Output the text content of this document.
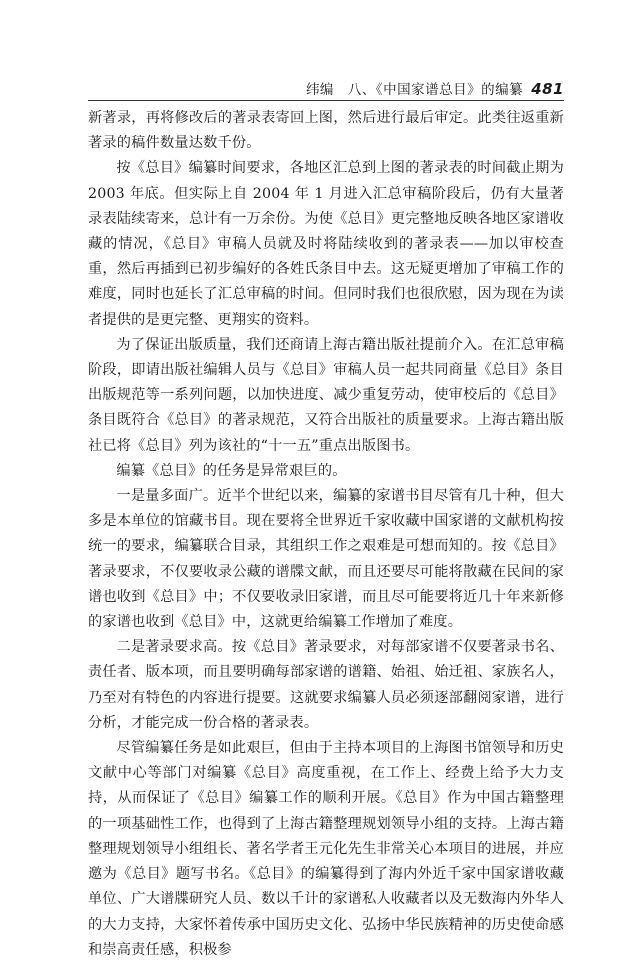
纬编　八、《中国家谱总目》的编纂 481

新著录，再将修改后的著录表寄回上图，然后进行最后审定。此类往返重新著录的稿件数量达数千份。

按《总目》编纂时间要求，各地区汇总到上图的著录表的时间截止期为 2003 年底。但实际上自 2004 年 1 月进入汇总审稿阶段后，仍有大量著录表陆续寄来，总计有一万余份。为使《总目》更完整地反映各地区家谱收藏的情况，《总目》审稿人员就及时将陆续收到的著录表——加以审校查重，然后再插到已初步编好的各姓氏条目中去。这无疑更增加了审稿工作的难度，同时也延长了汇总审稿的时间。但同时我们也很欣慰，因为现在为读者提供的是更完整、更翔实的资料。

为了保证出版质量，我们还商请上海古籍出版社提前介入。在汇总审稿阶段，即请出版社编辑人员与《总目》审稿人员一起共同商量《总目》条目出版规范等一系列问题，以加快进度、减少重复劳动，使审校后的《总目》条目既符合《总目》的著录规范，又符合出版社的质量要求。上海古籍出版社已将《总目》列为该社的“十一五”重点出版图书。

编纂《总目》的任务是异常艰巨的。

一是量多面广。近半个世纪以来，编纂的家谱书目尽管有几十种，但大多是本单位的馆藏书目。现在要将全世界近千家收藏中国家谱的文献机构按统一的要求，编纂联合目录，其组织工作之艰难是可想而知的。按《总目》著录要求，不仅要收录公藏的谱牒文献，而且还要尽可能将散藏在民间的家谱也收到《总目》中；不仅要收录旧家谱，而且尽可能要将近几十年来新修的家谱也收到《总目》中，这就更给编纂工作增加了难度。

二是著录要求高。按《总目》著录要求，对每部家谱不仅要著录书名、责任者、版本项，而且要明确每部家谱的谱籍、始祖、始迁祖、家族名人，乃至对有特色的内容进行提要。这就要求编纂人员必须逐部翻阅家谱，进行分析，才能完成一份合格的著录表。

尽管编纂任务是如此艰巨，但由于主持本项目的上海图书馆领导和历史文献中心等部门对编纂《总目》高度重视，在工作上、经费上给予大力支持，从而保证了《总目》编纂工作的顺利开展。《总目》作为中国古籍整理的一项基础性工作，也得到了上海古籍整理规划领导小组的支持。上海古籍整理规划领导小组组长、著名学者王元化先生非常关心本项目的进展，并应邀为《总目》题写书名。《总目》的编纂得到了海内外近千家中国家谱收藏单位、广大谱牒研究人员、数以千计的家谱私人收藏者以及无数海内外华人的大力支持，大家怀着传承中国历史文化、弘扬中华民族精神的历史使命感和崇高责任感，积极参
